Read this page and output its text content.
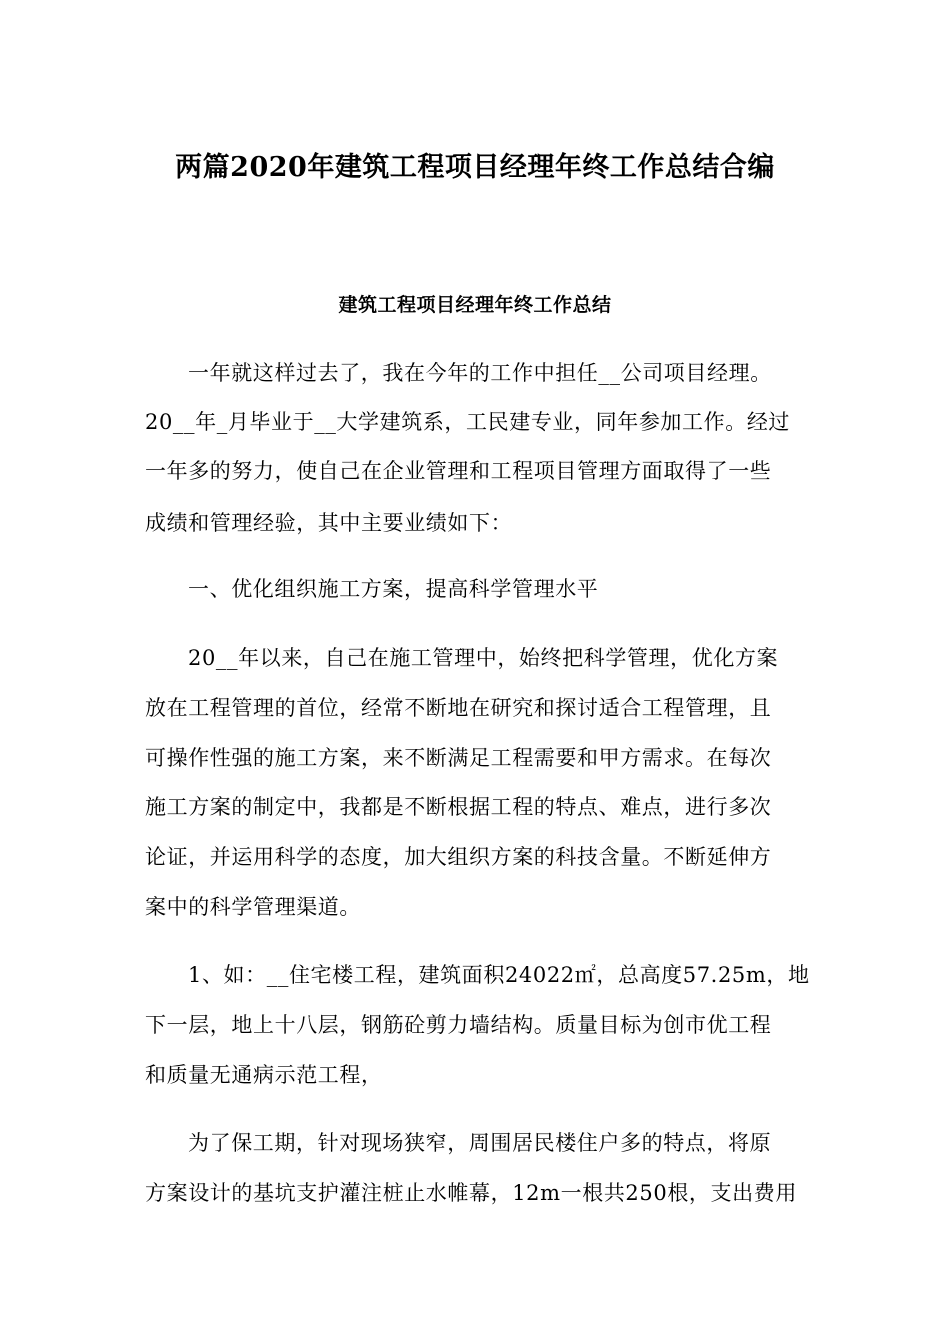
两篇2020年建筑工程项目经理年终工作总结合编
建筑工程项目经理年终工作总结
一年就这样过去了，我在今年的工作中担任__公司项目经理。
20__年_月毕业于__大学建筑系，工民建专业，同年参加工作。经过
一年多的努力，使自己在企业管理和工程项目管理方面取得了一些
成绩和管理经验，其中主要业绩如下：
一、优化组织施工方案，提高科学管理水平
20__年以来，自己在施工管理中，始终把科学管理，优化方案
放在工程管理的首位，经常不断地在研究和探讨适合工程管理，且
可操作性强的施工方案，来不断满足工程需要和甲方需求。在每次
施工方案的制定中，我都是不断根据工程的特点、难点，进行多次
论证，并运用科学的态度，加大组织方案的科技含量。不断延伸方
案中的科学管理渠道。
1、如：__住宅楼工程，建筑面积24022㎡，总高度57.25m，地
下一层，地上十八层，钢筋砼剪力墙结构。质量目标为创市优工程
和质量无通病示范工程，
为了保工期，针对现场狭窄，周围居民楼住户多的特点，将原
方案设计的基坑支护灌注桩止水帷幕，12m一根共250根，支出费用
